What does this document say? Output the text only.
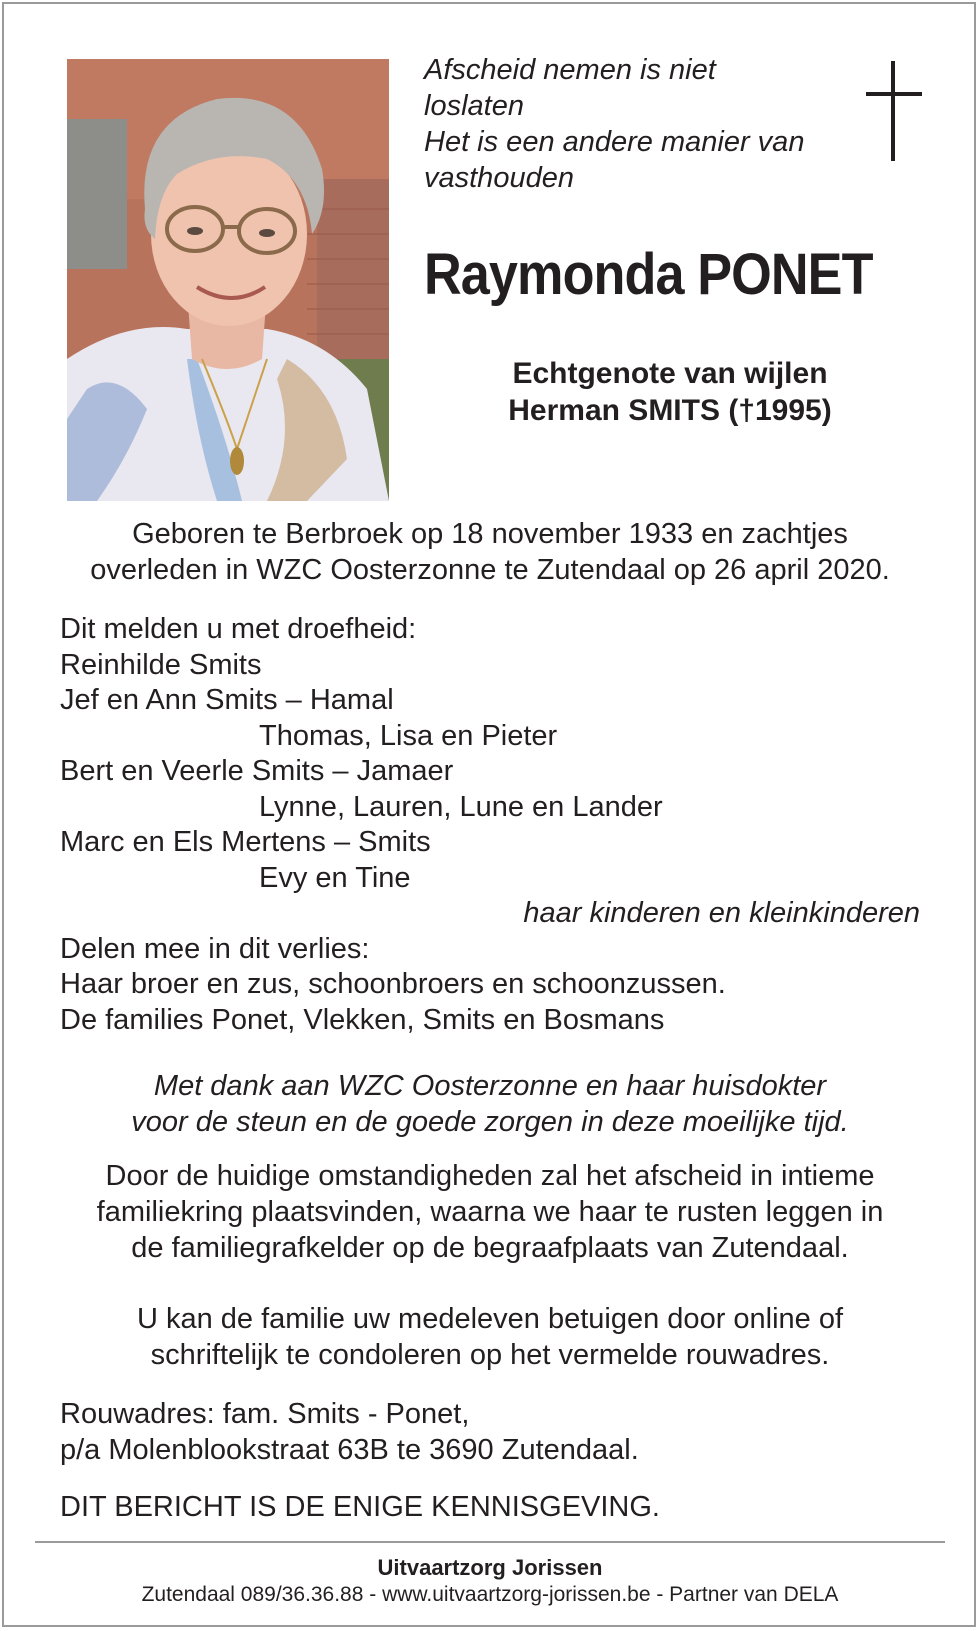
Afscheid nemen is niet
loslaten
Het is een andere manier van
vasthouden
Raymonda PONET
Echtgenote van wijlen
Herman SMITS (†1995)
Geboren te Berbroek op 18 november 1933 en zachtjes
overleden in WZC Oosterzonne te Zutendaal op 26 april 2020.
Dit melden u met droefheid:
Reinhilde Smits
Jef en Ann Smits – Hamal
Thomas, Lisa en Pieter
Bert en Veerle Smits – Jamaer
Lynne, Lauren, Lune en Lander
Marc en Els Mertens – Smits
Evy en Tine
haar kinderen en kleinkinderen
Delen mee in dit verlies:
Haar broer en zus, schoonbroers en schoonzussen.
De families Ponet, Vlekken, Smits en Bosmans
Met dank aan WZC Oosterzonne en haar huisdokter
voor de steun en de goede zorgen in deze moeilijke tijd.
Door de huidige omstandigheden zal het afscheid in intieme
familiekring plaatsvinden, waarna we haar te rusten leggen in
de familiegrafkelder op de begraafplaats van Zutendaal.
U kan de familie uw medeleven betuigen door online of
schriftelijk te condoleren op het vermelde rouwadres.
Rouwadres: fam. Smits - Ponet,
p/a Molenblookstraat 63B te 3690 Zutendaal.
DIT BERICHT IS DE ENIGE KENNISGEVING.
Uitvaartzorg Jorissen
Zutendaal 089/36.36.88 - www.uitvaartzorg-jorissen.be - Partner van DELA
